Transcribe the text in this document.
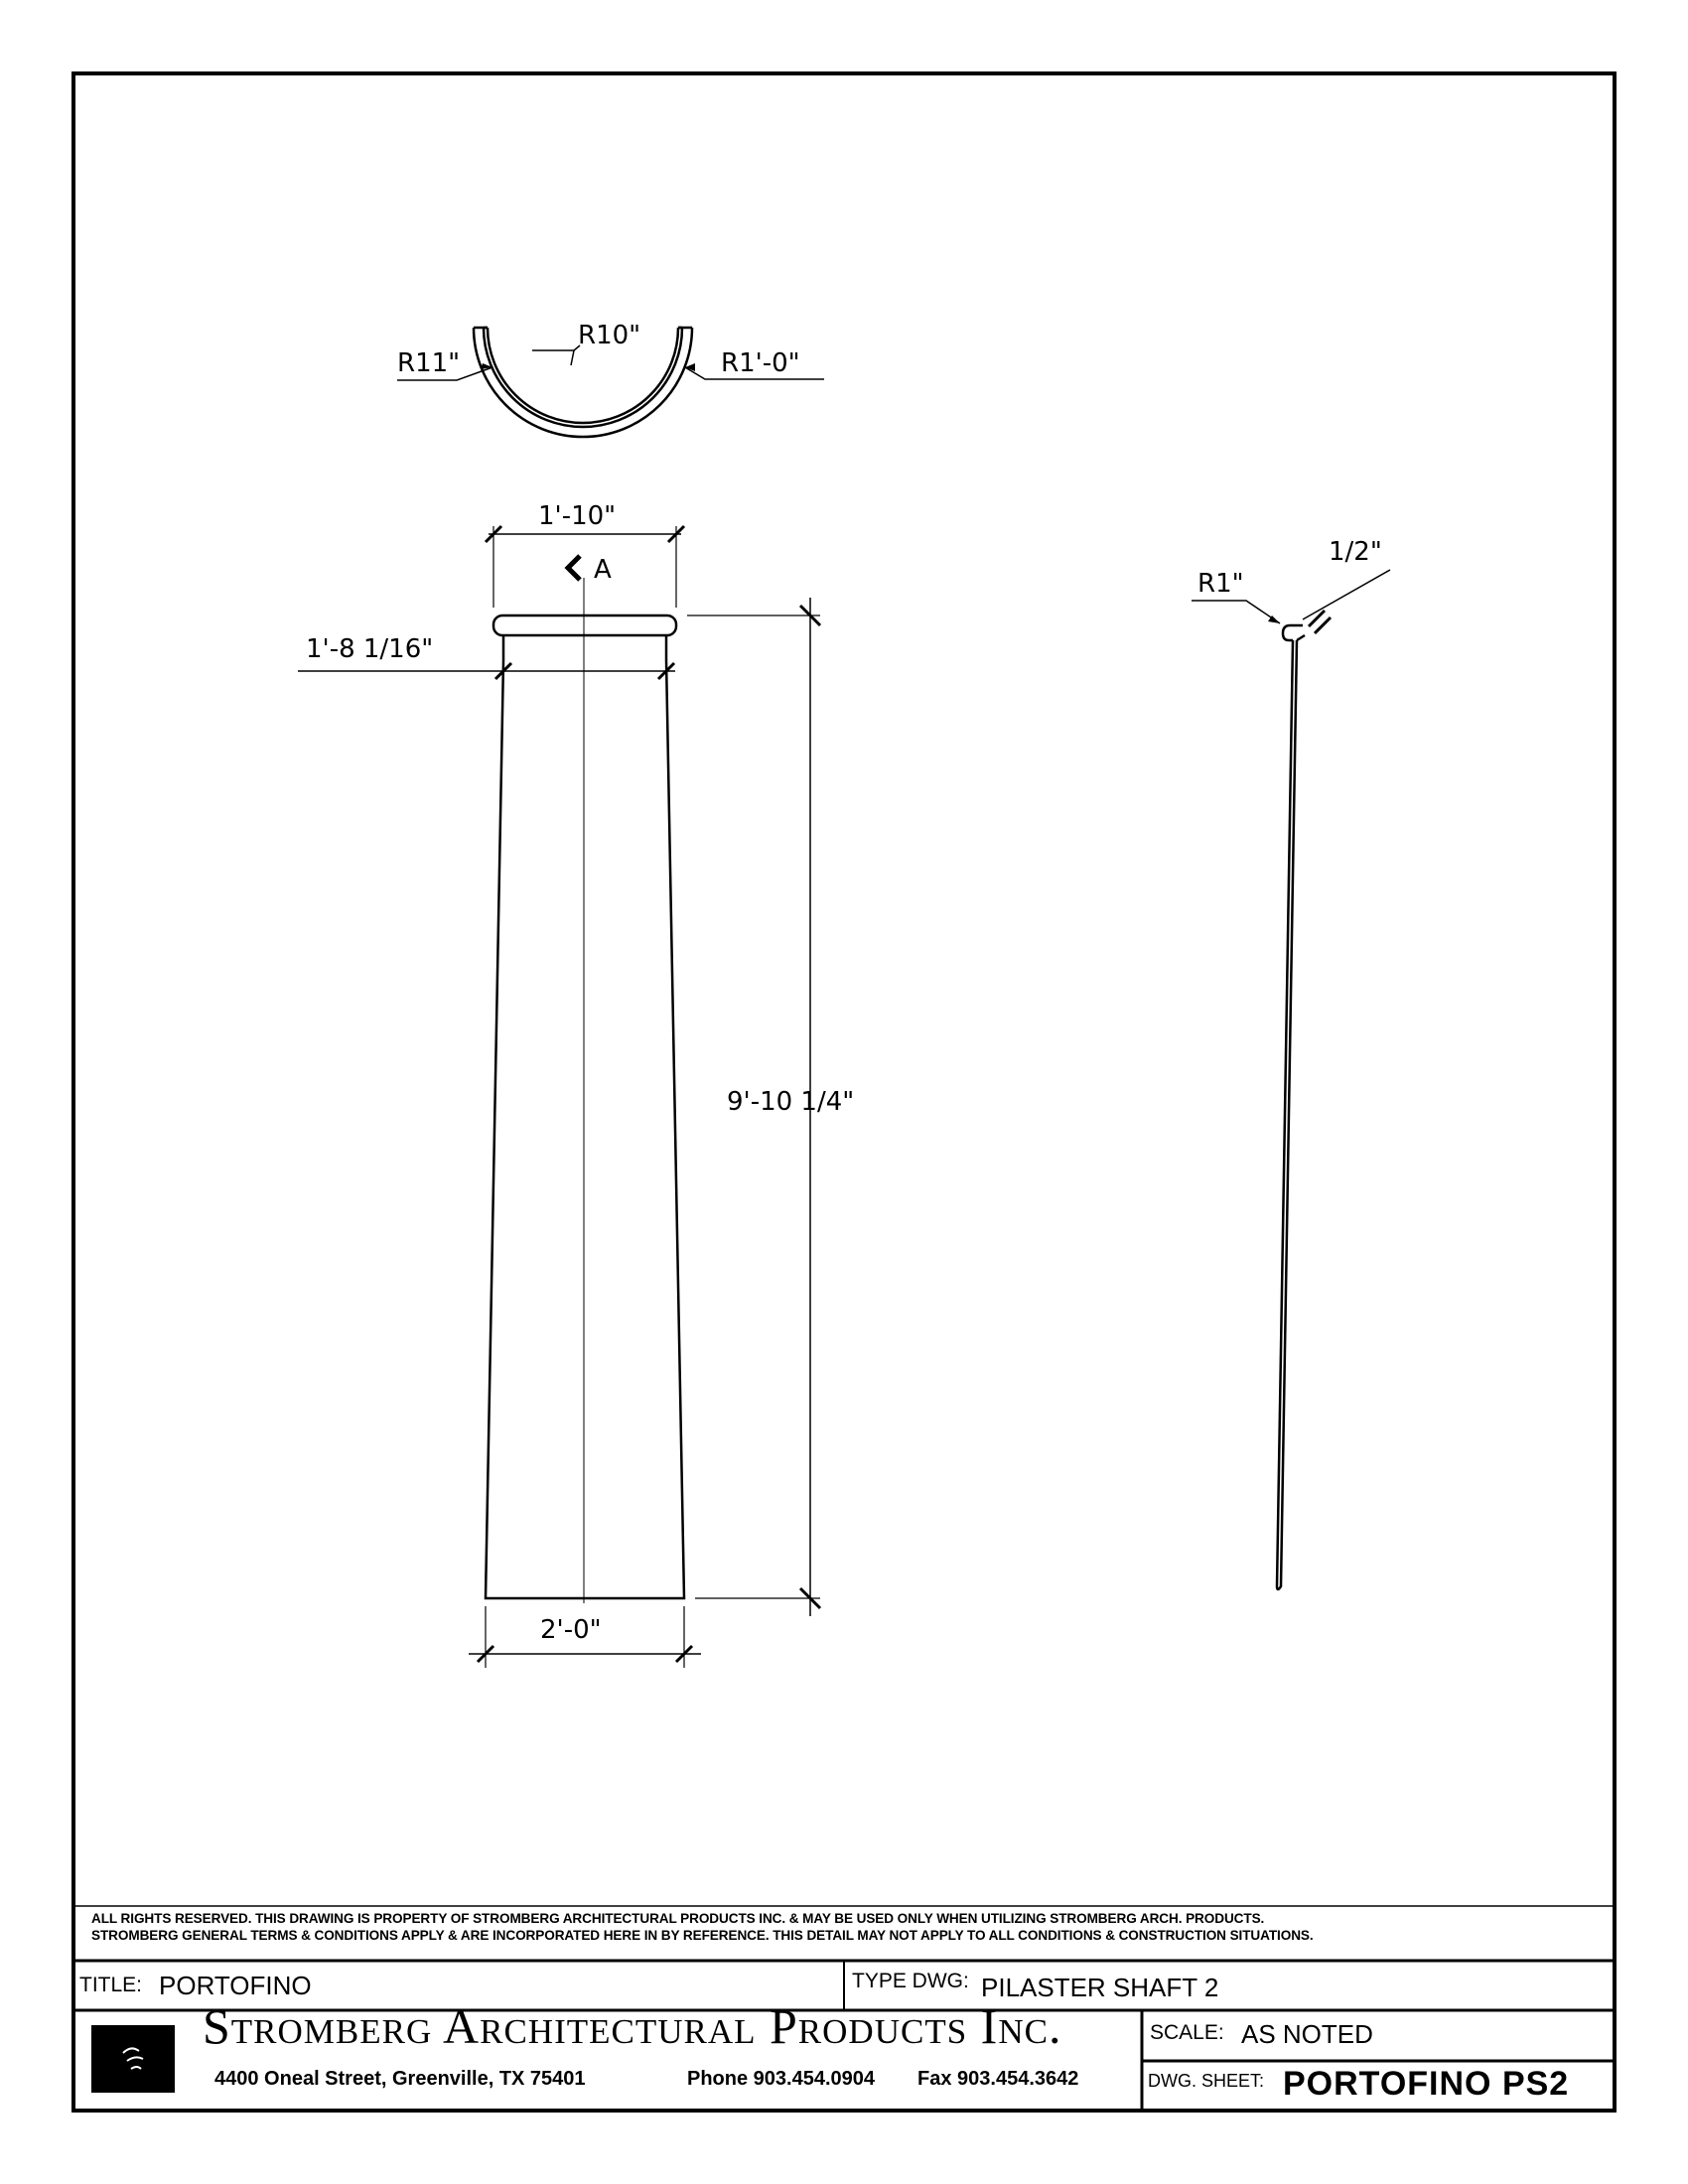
R11"
R10"
R1'-0"
1'-10"
A
1'-8 1/16"
2'-0"
9'-10 1/4"
R1"
1/2"
ALL RIGHTS RESERVED. THIS DRAWING IS PROPERTY OF STROMBERG ARCHITECTURAL PRODUCTS INC. & MAY BE USED ONLY WHEN UTILIZING STROMBERG ARCH. PRODUCTS.
STROMBERG GENERAL TERMS & CONDITIONS APPLY & ARE INCORPORATED HERE IN BY REFERENCE. THIS DETAIL MAY NOT APPLY TO ALL CONDITIONS & CONSTRUCTION SITUATIONS.
TITLE: PORTOFINO	TYPE DWG: PILASTER SHAFT 2
Stromberg Architectural Products Inc.
4400 Oneal Street, Greenville, TX 75401	Phone 903.454.0904 Fax 903.454.3642
SCALE: AS NOTED
DWG. SHEET: PORTOFINO PS2
